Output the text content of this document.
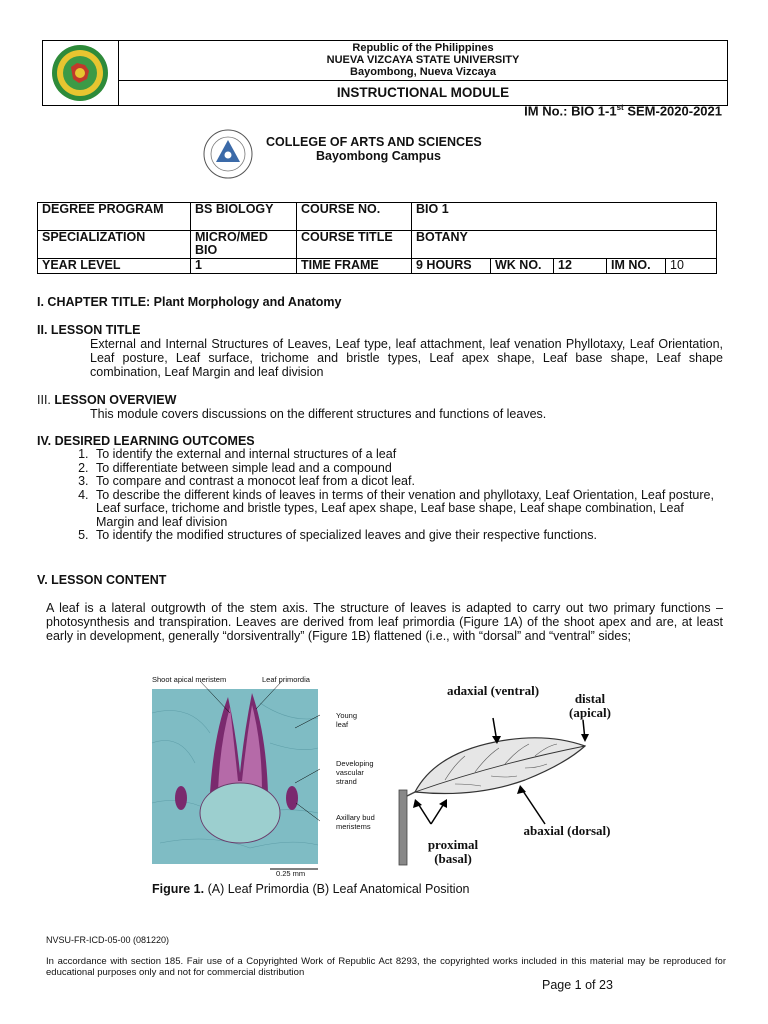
Republic of the Philippines
NUEVA VIZCAYA STATE UNIVERSITY
Bayombong, Nueva Vizcaya
INSTRUCTIONAL MODULE
IM No.: BIO 1-1st SEM-2020-2021
COLLEGE OF ARTS AND SCIENCES
Bayombong Campus
DEGREE PROGRAM	BS BIOLOGY	COURSE NO.	BIO 1				
SPECIALIZATION	MICRO/MED BIO	COURSE TITLE	BOTANY				
YEAR LEVEL	1	TIME FRAME	9 HOURS	WK NO.	12	IM NO.	10
I. CHAPTER TITLE: Plant Morphology and Anatomy
II. LESSON TITLE
External and Internal Structures of Leaves, Leaf type, leaf attachment, leaf venation Phyllotaxy, Leaf Orientation, Leaf posture, Leaf surface, trichome and bristle types, Leaf apex shape, Leaf base shape, Leaf shape combination, Leaf Margin and leaf division
III. LESSON OVERVIEW
This module covers discussions on the different structures and functions of leaves.
IV. DESIRED LEARNING OUTCOMES
1. To identify the external and internal structures of a leaf
2. To differentiate between simple lead and a compound
3. To compare and contrast a monocot leaf from a dicot leaf.
4. To describe the different kinds of leaves in terms of their venation and phyllotaxy, Leaf Orientation, Leaf posture, Leaf surface, trichome and bristle types, Leaf apex shape, Leaf base shape, Leaf shape combination, Leaf Margin and leaf division
5. To identify the modified structures of specialized leaves and give their respective functions.
V. LESSON CONTENT
A leaf is a lateral outgrowth of the stem axis. The structure of leaves is adapted to carry out two primary functions – photosynthesis and transpiration. Leaves are derived from leaf primordia (Figure 1A) of the shoot apex and are, at least early in development, generally “dorsiventrally” (Figure 1B) flattened (i.e., with “dorsal” and “ventral” sides;
Shoot apical meristem	Leaf primordia
Young leaf
Developing vascular strand
Axillary bud meristems
0.25 mm
adaxial (ventral)
distal
(apical)
abaxial (dorsal)
proximal
(basal)
Figure 1. (A) Leaf Primordia (B) Leaf Anatomical Position
NVSU-FR-ICD-05-00 (081220)
In accordance with section 185. Fair use of a Copyrighted Work of Republic Act 8293, the copyrighted works included in this material may be reproduced for educational purposes only and not for commercial distribution
Page 1 of 23
